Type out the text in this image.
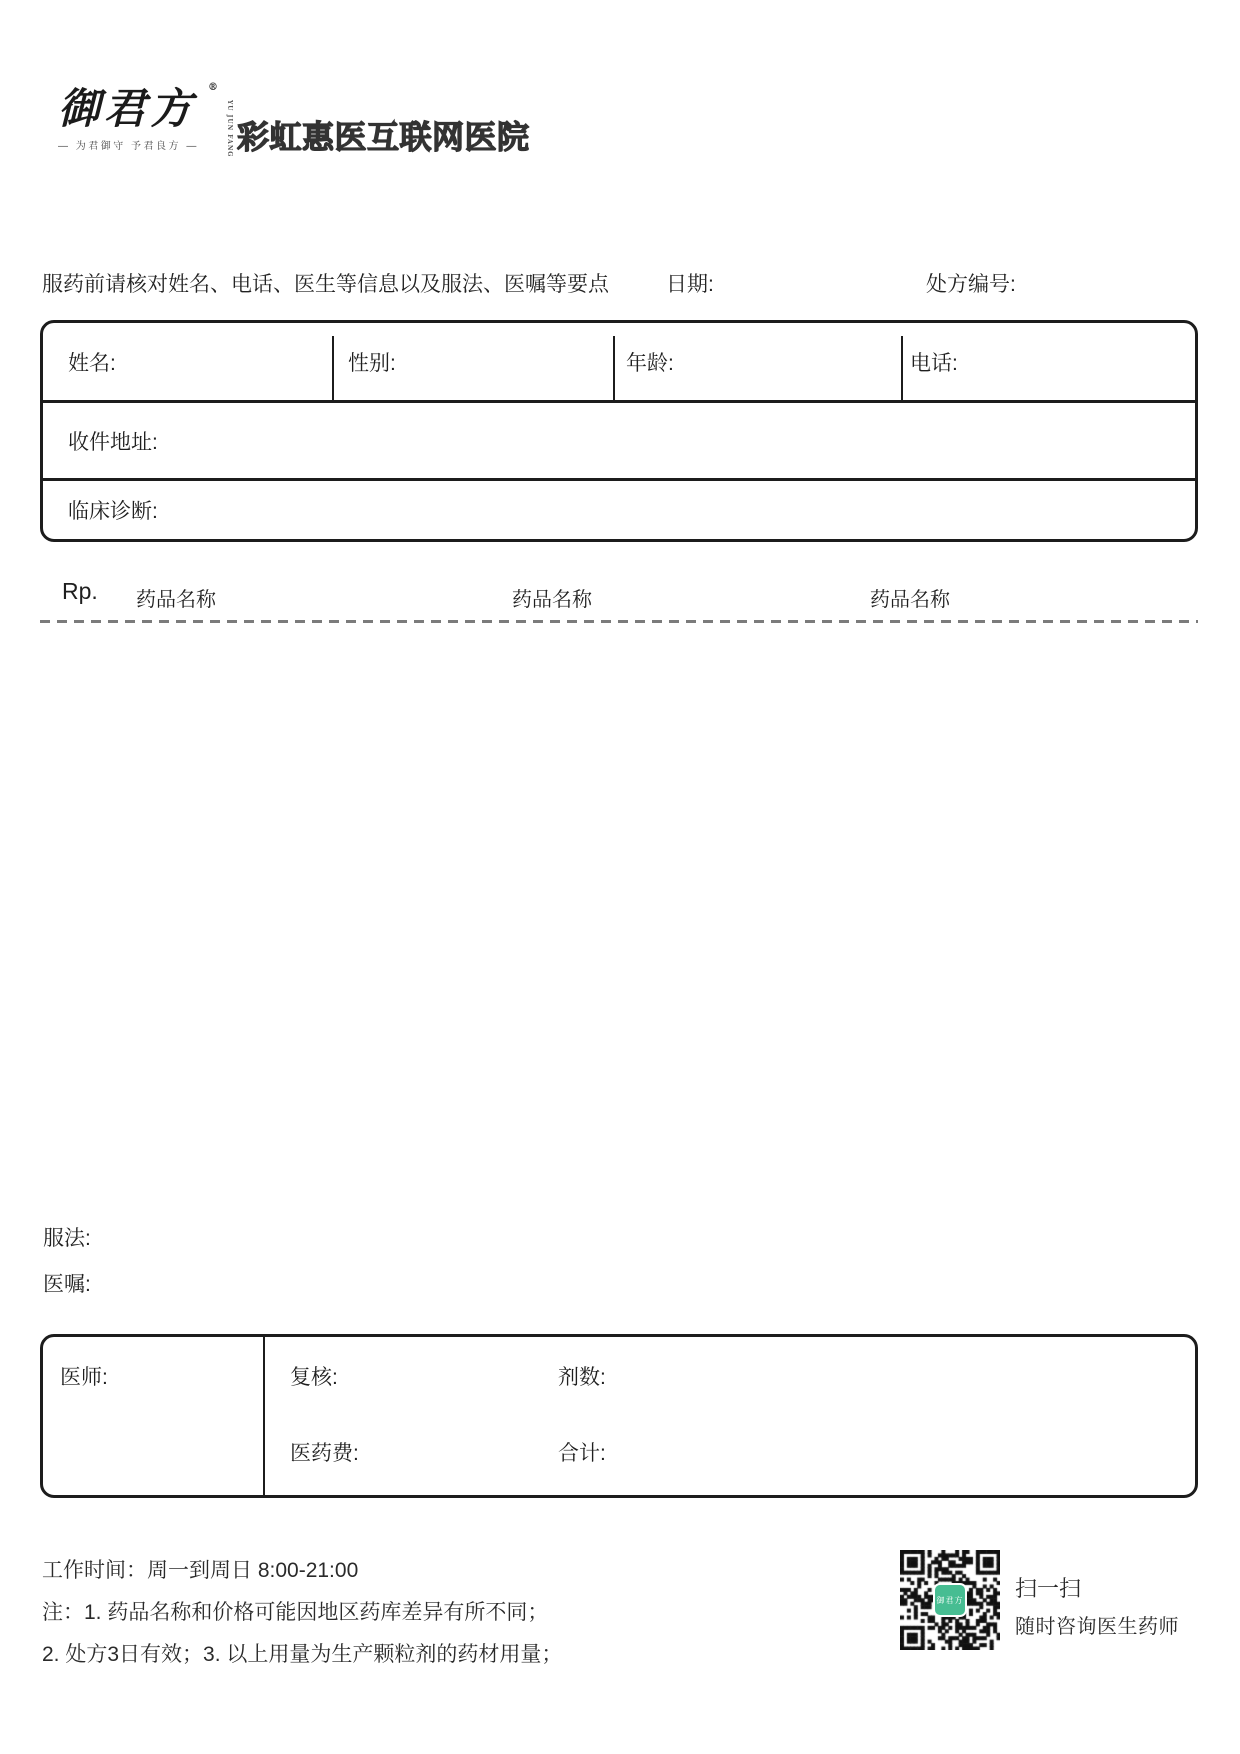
御君方 ®
YU JUN FANG
— 为君御守 予君良方 — 彩虹惠医互联网医院
服药前请核对姓名、电话、医生等信息以及服法、医嘱等要点	日期:	处方编号:
姓名:	性别:	年龄:	电话:
收件地址:
临床诊断:
Rp. 药品名称	药品名称	药品名称
服法:
医嘱:
医师:	复核:	剂数:
医药费:	合计:
工作时间：周一到周日 8:00-21:00
注：1. 药品名称和价格可能因地区药库差异有所不同；
2. 处方3日有效；3. 以上用量为生产颗粒剂的药材用量；
御君方 扫一扫
随时咨询医生药师
